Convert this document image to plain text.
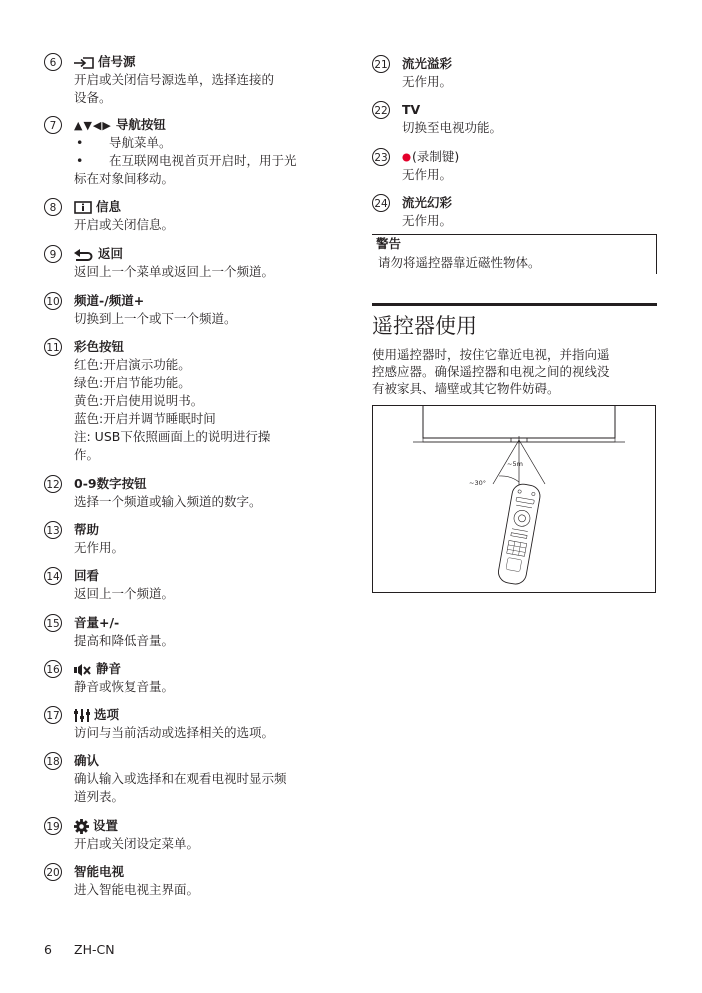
6	信号源
开启或关闭信号源选单，选择连接的
设备。
7	▲▼◀▶ 导航按钮
• 导航菜单。
• 在互联网电视首页开启时，用于光
标在对象间移动。
8	信息
开启或关闭信息。
9	返回
返回上一个菜单或返回上一个频道。
10 频道-/频道+
切换到上一个或下一个频道。
11 彩色按钮
红色:开启演示功能。
绿色:开启节能功能。
黄色:开启使用说明书。
蓝色:开启并调节睡眠时间
注: USB下依照画面上的说明进行操
作。
12 0-9数字按钮
选择一个频道或输入频道的数字。
13 帮助
无作用。
14 回看
返回上一个频道。
15 音量+/-
提高和降低音量。
16	静音
静音或恢复音量。
17	选项
访问与当前活动或选择相关的选项。
18 确认
确认输入或选择和在观看电视时显示频
道列表。
19	设置
开启或关闭设定菜单。
20 智能电视
进入智能电视主界面。
21 流光溢彩
无作用。
22 TV
切换至电视功能。
23	(录制键)
无作用。
24 流光幻彩
无作用。
警告
请勿将遥控器靠近磁性物体。
遥控器使用
使用遥控器时，按住它靠近电视，并指向遥
控感应器。确保遥控器和电视之间的视线没
有被家具、墙壁或其它物件妨碍。
~5m
~30°
6 ZH-CN
